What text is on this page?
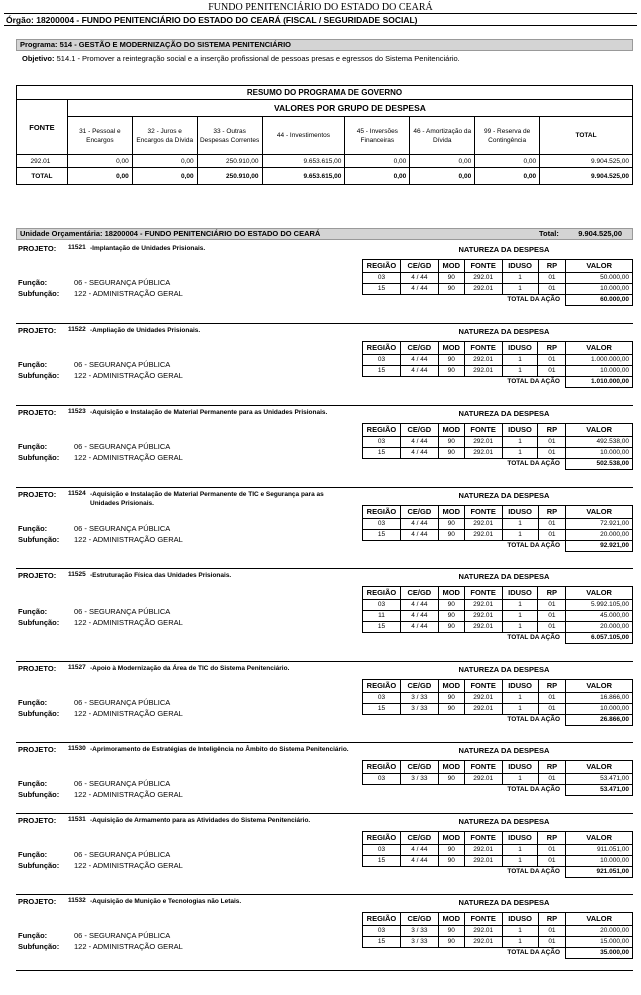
FUNDO PENITENCIÁRIO DO ESTADO DO CEARÁ
Órgão: 18200004 - FUNDO PENITENCIÁRIO DO ESTADO DO CEARÁ (FISCAL / SEGURIDADE SOCIAL)
Programa: 514 - GESTÃO E MODERNIZAÇÃO DO SISTEMA PENITENCIÁRIO
Objetivo: 514.1 - Promover a reintegração social e a inserção profissional de pessoas presas e egressos do Sistema Penitenciário.
RESUMO DO PROGRAMA DE GOVERNO								
FONTE	VALORES POR GRUPO DE DESPESA							
	31 - Pessoal e Encargos	32 - Juros e Encargos da Dívida	33 - Outras Despesas Correntes	44 - Investimentos	45 - Inversões Financeiras	46 - Amortização da Dívida	99 - Reserva de Contingência	TOTAL
292.01	0,00	0,00	250.910,00	9.653.615,00	0,00	0,00	0,00	9.904.525,00
TOTAL	0,00	0,00	250.910,00	9.653.615,00	0,00	0,00	0,00	9.904.525,00
Unidade Orçamentária: 18200004 - FUNDO PENITENCIÁRIO DO ESTADO DO CEARÁ	Total:	9.904.525,00
PROJETO: 11521 -Implantação de Unidades Prisionais.	NATUREZA DA DESPESA
REGIÃO	CE/GD	MOD	FONTE	IDUSO	RP	VALOR
03	4 / 44	90	292.01	1	01	50.000,00
15	4 / 44	90	292.01	1	01	10.000,00
				TOTAL DA AÇÃO		60.000,00
Função:	06 - SEGURANÇA PÚBLICA
Subfunção: 122 - ADMINISTRAÇÃO GERAL
PROJETO: 11522 -Ampliação de Unidades Prisionais.	NATUREZA DA DESPESA
REGIÃO	CE/GD	MOD	FONTE	IDUSO	RP	VALOR
03	4 / 44	90	292.01	1	01	1.000.000,00
15	4 / 44	90	292.01	1	01	10.000,00
				TOTAL DA AÇÃO		1.010.000,00
Função:	06 - SEGURANÇA PÚBLICA
Subfunção: 122 - ADMINISTRAÇÃO GERAL
PROJETO: 11523 -Aquisição e Instalação de Material Permanente para as Unidades Prisionais.	NATUREZA DA DESPESA
REGIÃO	CE/GD	MOD	FONTE	IDUSO	RP	VALOR
03	4 / 44	90	292.01	1	01	492.538,00
15	4 / 44	90	292.01	1	01	10.000,00
				TOTAL DA AÇÃO		502.538,00
Função:	06 - SEGURANÇA PÚBLICA
Subfunção: 122 - ADMINISTRAÇÃO GERAL
PROJETO: 11524 -Aquisição e Instalação de Material Permanente de TIC e Segurança para as Unidades Prisionais.
NATUREZA DA DESPESA
REGIÃO	CE/GD	MOD	FONTE	IDUSO	RP	VALOR
03	4 / 44	90	292.01	1	01	72.921,00
15	4 / 44	90	292.01	1	01	20.000,00
				TOTAL DA AÇÃO		92.921,00
Função:	06 - SEGURANÇA PÚBLICA
Subfunção: 122 - ADMINISTRAÇÃO GERAL
PROJETO: 11525 -Estruturação Física das Unidades Prisionais.	NATUREZA DA DESPESA
REGIÃO	CE/GD	MOD	FONTE	IDUSO	RP	VALOR
03	4 / 44	90	292.01	1	01	5.992.105,00
11	4 / 44	90	292.01	1	01	45.000,00
15	4 / 44	90	292.01	1	01	20.000,00
				TOTAL DA AÇÃO		6.057.105,00
Função:	06 - SEGURANÇA PÚBLICA
Subfunção: 122 - ADMINISTRAÇÃO GERAL
PROJETO: 11527 -Apoio à Modernização da Área de TIC do Sistema Penitenciário.	NATUREZA DA DESPESA
REGIÃO	CE/GD	MOD	FONTE	IDUSO	RP	VALOR
03	3 / 33	90	292.01	1	01	16.866,00
15	3 / 33	90	292.01	1	01	10.000,00
				TOTAL DA AÇÃO		26.866,00
Função:	06 - SEGURANÇA PÚBLICA
Subfunção: 122 - ADMINISTRAÇÃO GERAL
PROJETO: 11530 -Aprimoramento de Estratégias de Inteligência no Âmbito do Sistema Penitenciário.	NATUREZA DA DESPESA
REGIÃO	CE/GD	MOD	FONTE	IDUSO	RP	VALOR
03	3 / 33	90	292.01	1	01	53.471,00
				TOTAL DA AÇÃO		53.471,00
Função:	06 - SEGURANÇA PÚBLICA
Subfunção: 122 - ADMINISTRAÇÃO GERAL
PROJETO: 11531 -Aquisição de Armamento para as Atividades do Sistema Penitenciário.	NATUREZA DA DESPESA
REGIÃO	CE/GD	MOD	FONTE	IDUSO	RP	VALOR
03	4 / 44	90	292.01	1	01	911.051,00
15	4 / 44	90	292.01	1	01	10.000,00
				TOTAL DA AÇÃO		921.051,00
Função:	06 - SEGURANÇA PÚBLICA
Subfunção: 122 - ADMINISTRAÇÃO GERAL
PROJETO: 11532 -Aquisição de Munição e Tecnologias não Letais.	NATUREZA DA DESPESA
REGIÃO	CE/GD	MOD	FONTE	IDUSO	RP	VALOR
03	3 / 33	90	292.01	1	01	20.000,00
15	3 / 33	90	292.01	1	01	15.000,00
				TOTAL DA AÇÃO		35.000,00
Função:	06 - SEGURANÇA PÚBLICA
Subfunção: 122 - ADMINISTRAÇÃO GERAL
